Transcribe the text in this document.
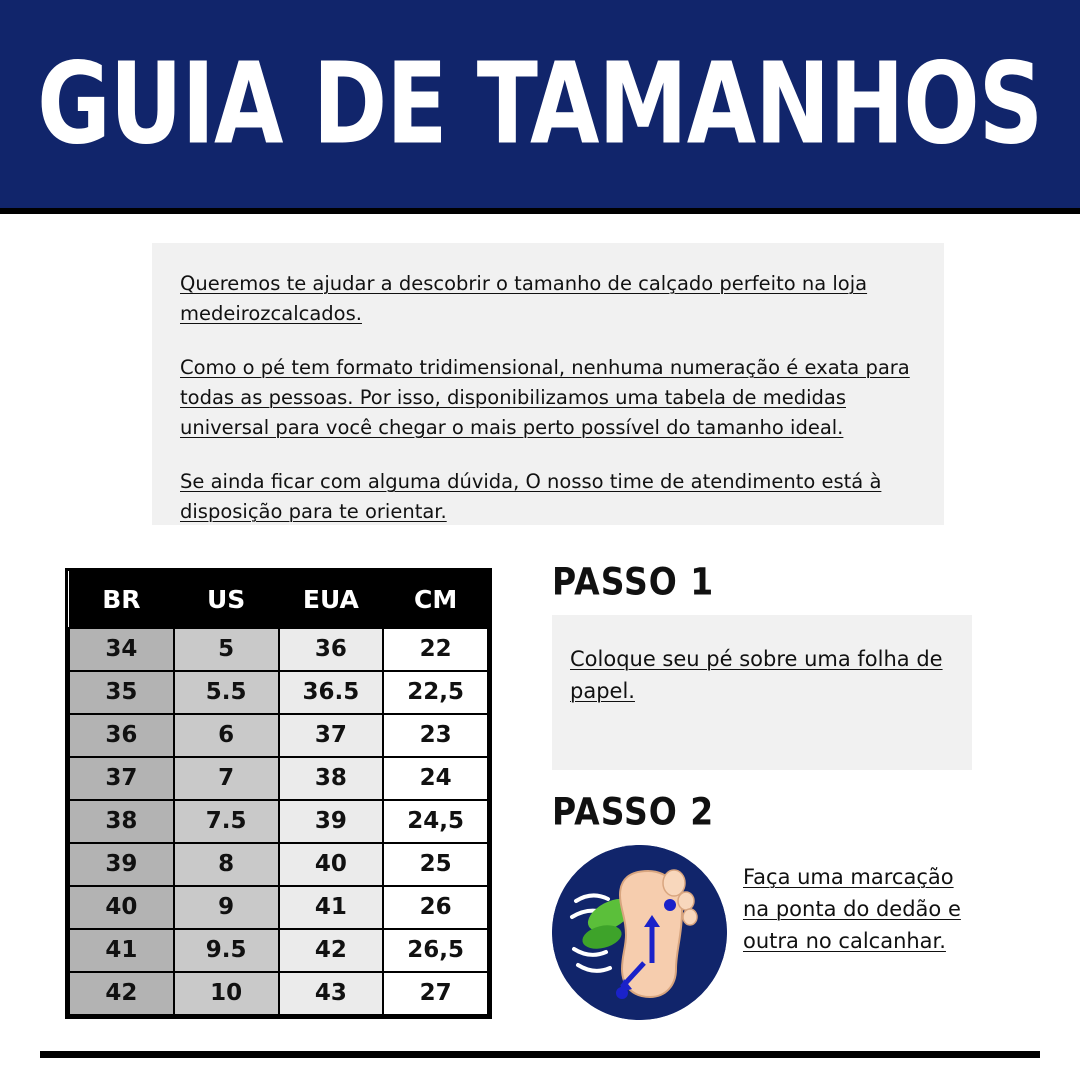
GUIA DE TAMANHOS

Queremos te ajudar a descobrir o tamanho de calçado perfeito na loja medeirozcalcados.

Como o pé tem formato tridimensional, nenhuma numeração é exata para todas as pessoas. Por isso, disponibilizamos uma tabela de medidas universal para você chegar o mais perto possível do tamanho ideal.

Se ainda ficar com alguma dúvida, O nosso time de atendimento está à disposição para te orientar.

BR	US	EUA	CM
34	5	36	22
35	5.5	36.5	22,5
36	6	37	23
37	7	38	24
38	7.5	39	24,5
39	8	40	25
40	9	41	26
41	9.5	42	26,5
42	10	43	27
PASSO 1
Coloque seu pé sobre uma folha de papel.
PASSO 2
Faça uma marcação na ponta do dedão e outra no calcanhar.
